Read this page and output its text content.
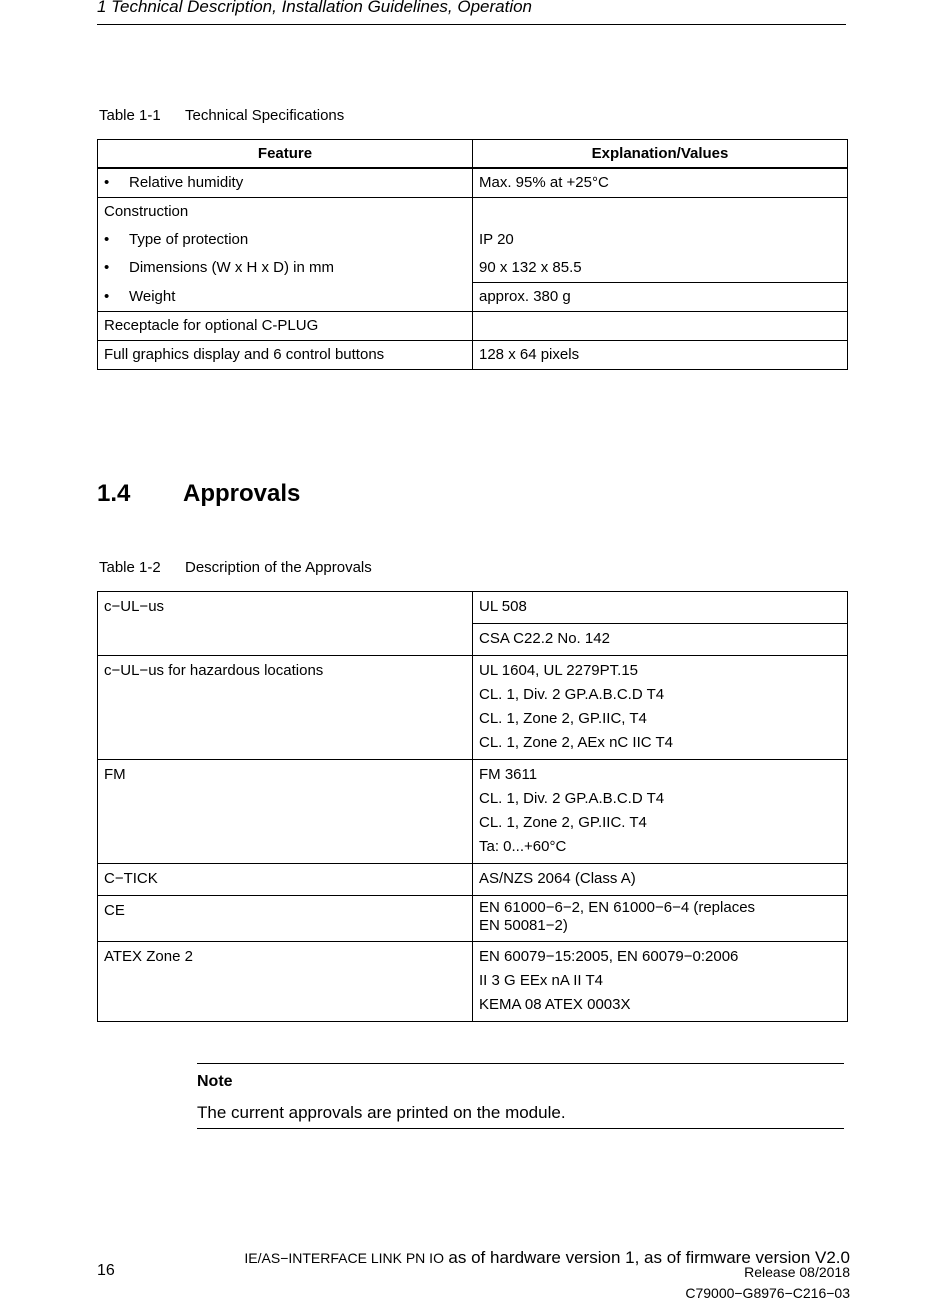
1 Technical Description, Installation Guidelines, Operation
Table 1-1 Technical Specifications
Feature	Explanation/Values
• Relative humidity	Max. 95% at +25°C
Construction	
• Type of protection	IP 20
• Dimensions (W x H x D) in mm	90 x 132 x 85.5
• Weight	approx. 380 g
Receptacle for optional C-PLUG	
Full graphics display and 6 control buttons	128 x 64 pixels
1.4 Approvals
Table 1-2 Description of the Approvals
c−UL−us	UL 508
	CSA C22.2 No. 142
c−UL−us for hazardous locations	UL 1604, UL 2279PT.15
CL. 1, Div. 2 GP.A.B.C.D T4
CL. 1, Zone 2, GP.IIC, T4
CL. 1, Zone 2, AEx nC IIC T4

FM	FM 3611
CL. 1, Div. 2 GP.A.B.C.D T4
CL. 1, Zone 2, GP.IIC. T4
Ta: 0...+60°C

C−TICK	AS/NZS 2064 (Class A)
CE	EN 61000−6−2, EN 61000−6−4 (replaces
EN 50081−2)

ATEX Zone 2	EN 60079−15:2005, EN 60079−0:2006
II 3 G EEx nA II T4
KEMA 08 ATEX 0003X
Note
The current approvals are printed on the module.
16
IE/AS−INTERFACE LINK PN IO as of hardware version 1, as of firmware version V2.0
Release 08/2018
C79000−G8976−C216−03
